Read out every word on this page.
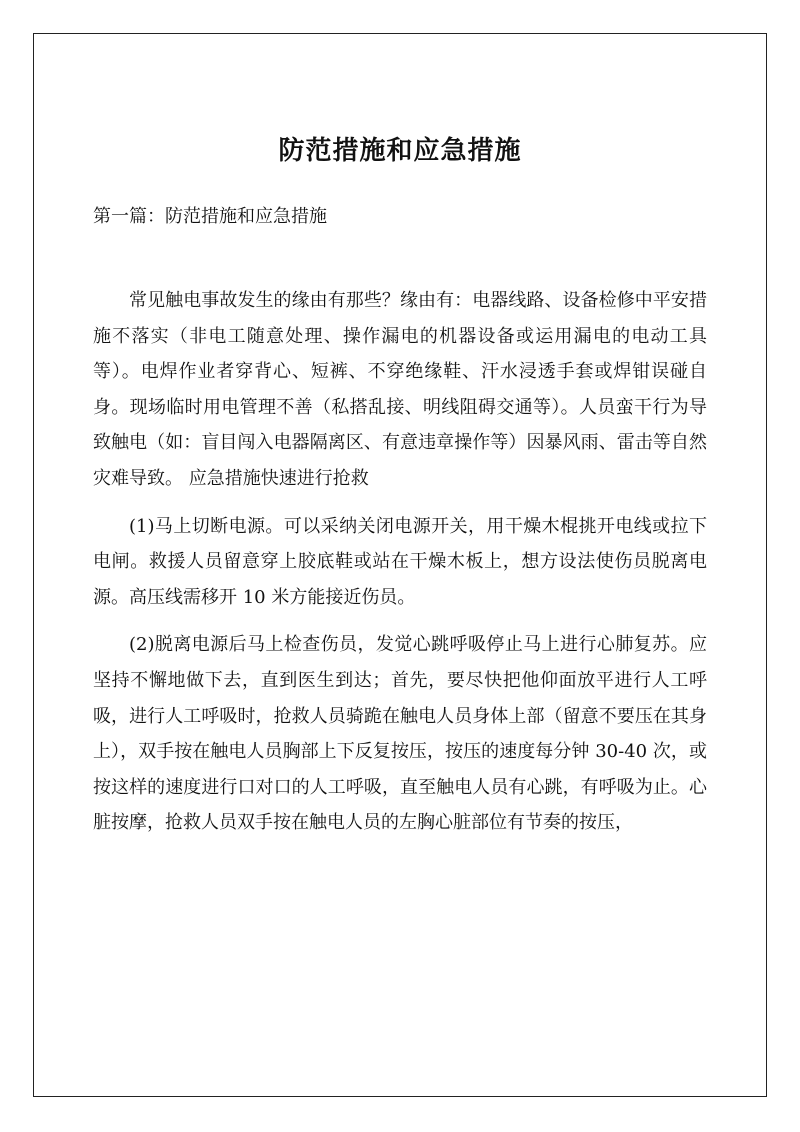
防范措施和应急措施
第一篇：防范措施和应急措施

常见触电事故发生的缘由有那些？缘由有：电器线路、设备检修中平安措施不落实（非电工随意处理、操作漏电的机器设备或运用漏电的电动工具等）。电焊作业者穿背心、短裤、不穿绝缘鞋、汗水浸透手套或焊钳误碰自身。现场临时用电管理不善（私搭乱接、明线阻碍交通等）。人员蛮干行为导致触电（如：盲目闯入电器隔离区、有意违章操作等）因暴风雨、雷击等自然灾难导致。 应急措施快速进行抢救

(1)马上切断电源。可以采纳关闭电源开关，用干燥木棍挑开电线或拉下电闸。救援人员留意穿上胶底鞋或站在干燥木板上，想方设法使伤员脱离电源。高压线需移开 10 米方能接近伤员。

(2)脱离电源后马上检查伤员，发觉心跳呼吸停止马上进行心肺复苏。应坚持不懈地做下去，直到医生到达；首先，要尽快把他仰面放平进行人工呼吸，进行人工呼吸时，抢救人员骑跪在触电人员身体上部（留意不要压在其身上），双手按在触电人员胸部上下反复按压，按压的速度每分钟 30-40 次，或按这样的速度进行口对口的人工呼吸，直至触电人员有心跳，有呼吸为止。心脏按摩，抢救人员双手按在触电人员的左胸心脏部位有节奏的按压，
